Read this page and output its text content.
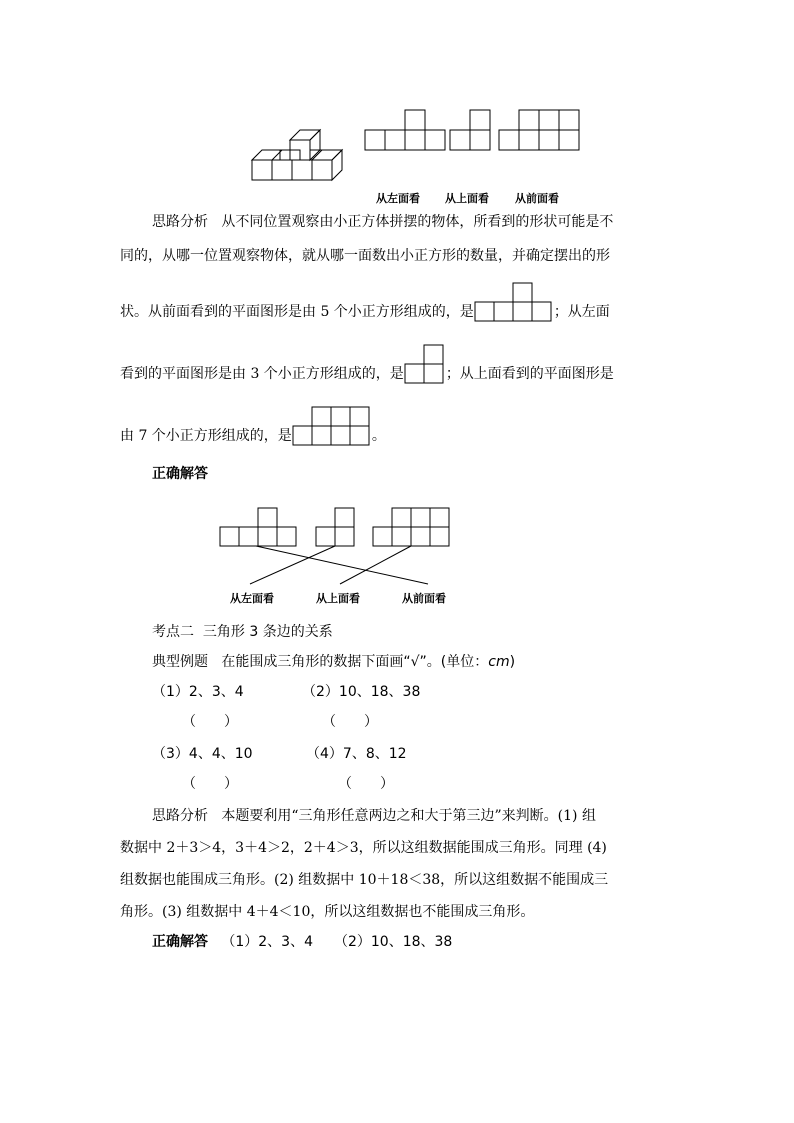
从左面看 从上面看 从前面看
思路分析 从不同位置观察由小正方体拼摆的物体，所看到的形状可能是不
同的，从哪一位置观察物体，就从哪一面数出小正方形的数量，并确定摆出的形
状。从前面看到的平面图形是由 5 个小正方形组成的，是	；从左面
看到的平面图形是由 3 个小正方形组成的，是	；从上面看到的平面图形是
由 7 个小正方形组成的，是	。
正确解答
从左面看	从上面看	从前面看
考点二 三角形 3 条边的关系
典型例题 在能围成三角形的数据下面画“√”。(单位：cm)
（1）2、3、4	（2）10、18、38
（　　）	（　　）
（3）4、4、10	（4）7、8、12
（　　）	（　　）
思路分析 本题要利用“三角形任意两边之和大于第三边”来判断。(1) 组
数据中 2＋3＞4，3＋4＞2，2＋4＞3，所以这组数据能围成三角形。同理 (4)
组数据也能围成三角形。(2) 组数据中 10＋18＜38，所以这组数据不能围成三
角形。(3) 组数据中 4＋4＜10，所以这组数据也不能围成三角形。
正确解答 （1）2、3、4　　（2）10、18、38
